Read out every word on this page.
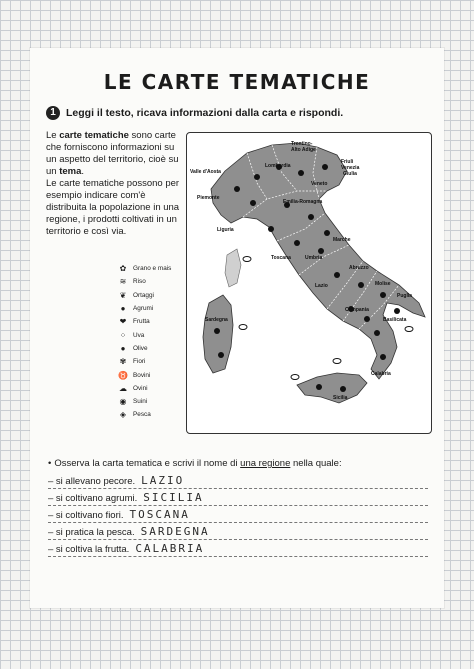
LE CARTE TEMATICHE
1 Leggi il testo, ricava informazioni dalla carta e rispondi.
Le carte tematiche sono carte che forniscono informazioni su un aspetto del territorio, cioè su un tema.
Le carte tematiche possono per esempio indicare com'è distribuita la popolazione in una regione, i prodotti coltivati in un territorio e così via.
✿ Grano e mais
≋ Riso
❦ Ortaggi
●	Agrumi
❤ Frutta
⁘ Uva
●	Olive
✾ Fiori
♉ Bovini
☁ Ovini
◉ Suini
◈	Pesca
Trentino-
Alto Adige
Valle d'Aosta
Lombardia
Friuli
Venezia
Giulia
Veneto
Piemonte
Emilia-Romagna
Liguria
Toscana
Marche
Umbria
Lazio
Abruzzo
Molise
Campania
Puglia
Basilicata
Calabria
Sicilia
Sardegna
• Osserva la carta tematica e scrivi il nome di una regione nella quale:
– si allevano pecore. LAZIO
– si coltivano agrumi. SICILIA
– si coltivano fiori. TOSCANA
– si pratica la pesca. SARDEGNA
– si coltiva la frutta. CALABRIA
